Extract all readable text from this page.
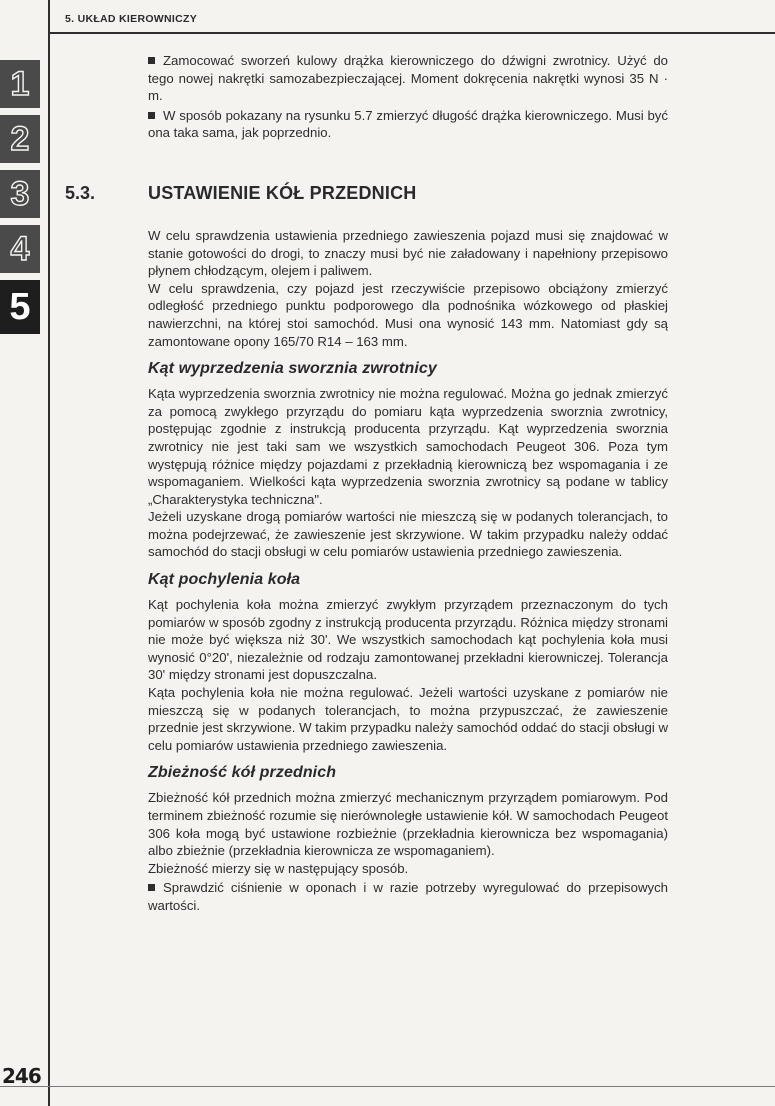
5. UKŁAD KIEROWNICZY
1
2
3
4
5
246
5.3.	USTAWIENIE KÓŁ PRZEDNICH

Zamocować sworzeń kulowy drążka kierowniczego do dźwigni zwrotnicy. Użyć do tego nowej nakrętki samozabezpieczającej. Moment dokręcenia nakrętki wynosi 35 N · m.

W sposób pokazany na rysunku 5.7 zmierzyć długość drążka kierowniczego. Musi być ona taka sama, jak poprzednio.

W celu sprawdzenia ustawienia przedniego zawieszenia pojazd musi się znajdować w stanie gotowości do drogi, to znaczy musi być nie załadowany i napełniony przepisowo płynem chłodzącym, olejem i paliwem.

W celu sprawdzenia, czy pojazd jest rzeczywiście przepisowo obciążony zmierzyć odległość przedniego punktu podporowego dla podnośnika wózkowego od płaskiej nawierzchni, na której stoi samochód. Musi ona wynosić 143 mm. Natomiast gdy są zamontowane opony 165/70 R14 – 163 mm.

Kąt wyprzedzenia sworznia zwrotnicy

Kąta wyprzedzenia sworznia zwrotnicy nie można regulować. Można go jednak zmierzyć za pomocą zwykłego przyrządu do pomiaru kąta wyprzedzenia sworznia zwrotnicy, postępując zgodnie z instrukcją producenta przyrządu. Kąt wyprzedzenia sworznia zwrotnicy nie jest taki sam we wszystkich samochodach Peugeot 306. Poza tym występują różnice między pojazdami z przekładnią kierowniczą bez wspomagania i ze wspomaganiem. Wielkości kąta wyprzedzenia sworznia zwrotnicy są podane w tablicy „Charakterystyka techniczna".

Jeżeli uzyskane drogą pomiarów wartości nie mieszczą się w podanych tolerancjach, to można podejrzewać, że zawieszenie jest skrzywione. W takim przypadku należy oddać samochód do stacji obsługi w celu pomiarów ustawienia przedniego zawieszenia.

Kąt pochylenia koła

Kąt pochylenia koła można zmierzyć zwykłym przyrządem przeznaczonym do tych pomiarów w sposób zgodny z instrukcją producenta przyrządu. Różnica między stronami nie może być większa niż 30'. We wszystkich samochodach kąt pochylenia koła musi wynosić 0°20', niezależnie od rodzaju zamontowanej przekładni kierowniczej. Tolerancja 30' między stronami jest dopuszczalna.

Kąta pochylenia koła nie można regulować. Jeżeli wartości uzyskane z pomiarów nie mieszczą się w podanych tolerancjach, to można przypuszczać, że zawieszenie przednie jest skrzywione. W takim przypadku należy samochód oddać do stacji obsługi w celu pomiarów ustawienia przedniego zawieszenia.

Zbieżność kół przednich

Zbieżność kół przednich można zmierzyć mechanicznym przyrządem pomiarowym. Pod terminem zbieżność rozumie się nierównoległe ustawienie kół. W samochodach Peugeot 306 koła mogą być ustawione rozbieżnie (przekładnia kierownicza bez wspomagania) albo zbieżnie (przekładnia kierownicza ze wspomaganiem).

Zbieżność mierzy się w następujący sposób.

Sprawdzić ciśnienie w oponach i w razie potrzeby wyregulować do przepisowych wartości.
